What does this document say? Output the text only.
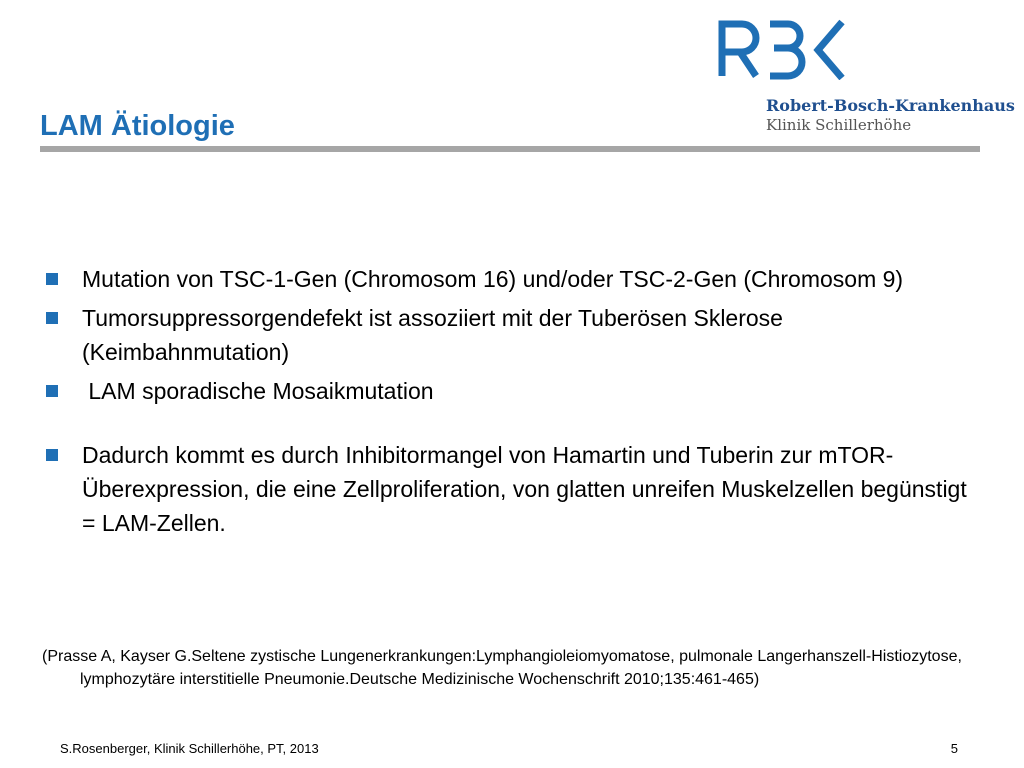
LAM Ätiologie
Robert-Bosch-Krankenhaus
Klinik Schillerhöhe
Mutation von TSC-1-Gen (Chromosom 16) und/oder TSC-2-Gen (Chromosom 9)
Tumorsuppressorgendefekt ist assoziiert mit der Tuberösen Sklerose (Keimbahnmutation)
LAM sporadische Mosaikmutation
Dadurch kommt es durch Inhibitormangel von Hamartin und Tuberin zur mTOR-Überexpression, die eine Zellproliferation, von glatten unreifen Muskelzellen begünstigt = LAM-Zellen.
(Prasse A, Kayser G.Seltene zystische Lungenerkrankungen:Lymphangioleiomyomatose, pulmonale Langerhanszell-Histiozytose, lymphozytäre interstitielle Pneumonie.Deutsche Medizinische Wochenschrift 2010;135:461-465)
S.Rosenberger, Klinik Schillerhöhe, PT, 2013	5
